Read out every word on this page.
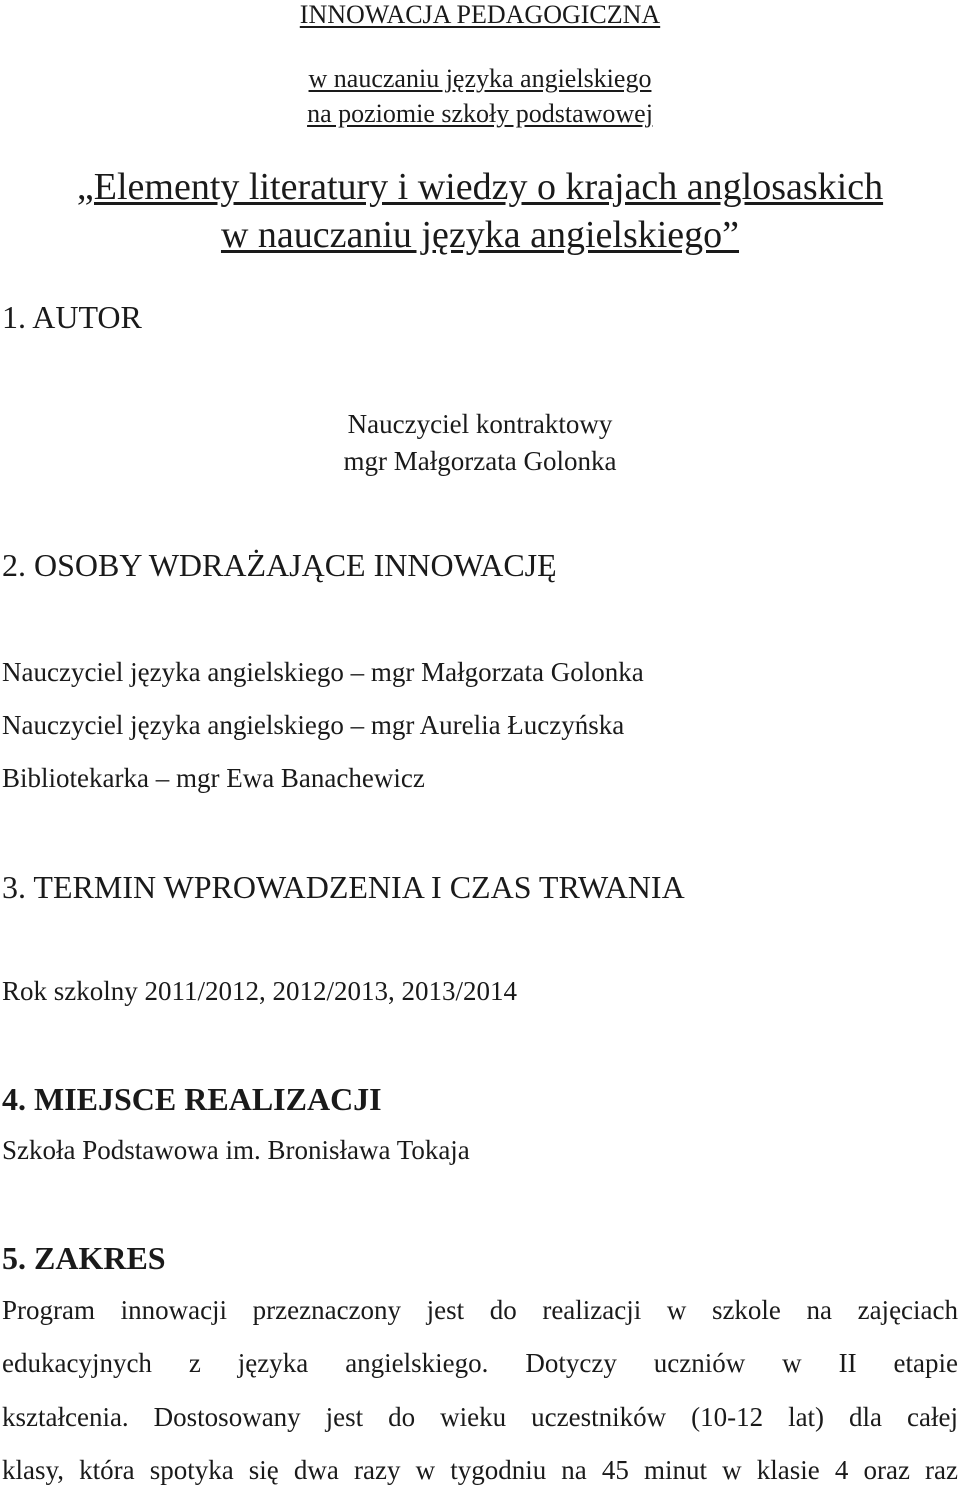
INNOWACJA PEDAGOGICZNA
w nauczaniu języka angielskiego
na poziomie szkoły podstawowej
„Elementy literatury i wiedzy o krajach anglosaskich
w nauczaniu języka angielskiego”
1. AUTOR
Nauczyciel kontraktowy
mgr Małgorzata Golonka
2. OSOBY WDRAŻAJĄCE INNOWACJĘ
Nauczyciel języka angielskiego – mgr Małgorzata Golonka
Nauczyciel języka angielskiego – mgr Aurelia Łuczyńska
Bibliotekarka – mgr Ewa Banachewicz
3. TERMIN WPROWADZENIA I CZAS TRWANIA
Rok szkolny 2011/2012, 2012/2013, 2013/2014
4. MIEJSCE REALIZACJI
Szkoła Podstawowa im. Bronisława Tokaja
5. ZAKRES
Program innowacji przeznaczony jest do realizacji w szkole na zajęciach
edukacyjnych z języka angielskiego. Dotyczy uczniów w II etapie
kształcenia. Dostosowany jest do wieku uczestników (10-12 lat) dla całej
klasy, która spotyka się dwa razy w tygodniu na 45 minut w klasie 4 oraz raz
